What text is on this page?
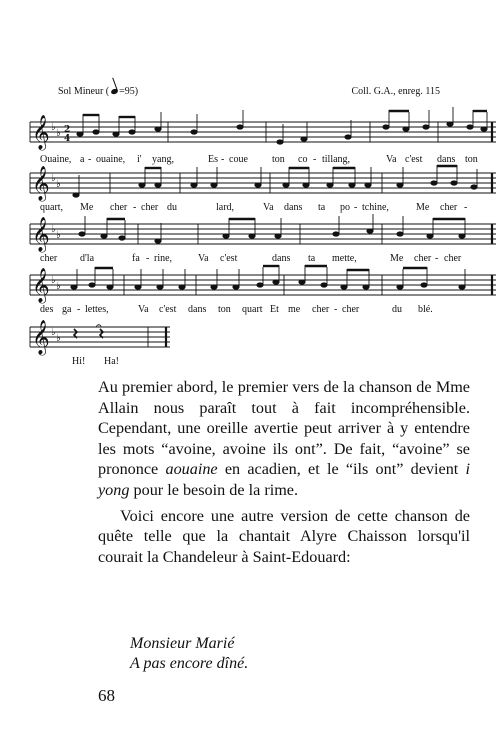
Sol Mineur ( =95)	Coll. G.A., enreg. 115
𝄞 ♭
♭ 2
4
Ouaine, a - ouaine, i' yang,	Es - coue ton co - tillang,	Va c'est dans ton
𝄞 ♭
♭
quart, Me cher - cher du	lard,	Va dans ta po - tchine,	Me cher -
𝄞 ♭
♭
cher d'la	fa - rine,	Va c'est	dans ta mette,	Me cher - cher
𝄞 ♭
♭
des ga - lettes,	Va c'est dans ton quart Et me cher - cher	du blé.
𝄞 ♭
♭
𝄐
Hi! Ha!

Au premier abord, le premier vers de la chanson de Mme Allain nous paraît tout à fait incompréhensible. Cependant, une oreille avertie peut arriver à y entendre les mots “avoine, avoine ils ont”. De fait, “avoine” se prononce aouaine en acadien, et le “ils ont” devient i yong pour le besoin de la rime.

Voici encore une autre version de cette chanson de quête telle que la chantait Alyre Chaisson lorsqu'il courait la Chandeleur à Saint-Edouard:

Monsieur Marié
A pas encore dîné.
68
